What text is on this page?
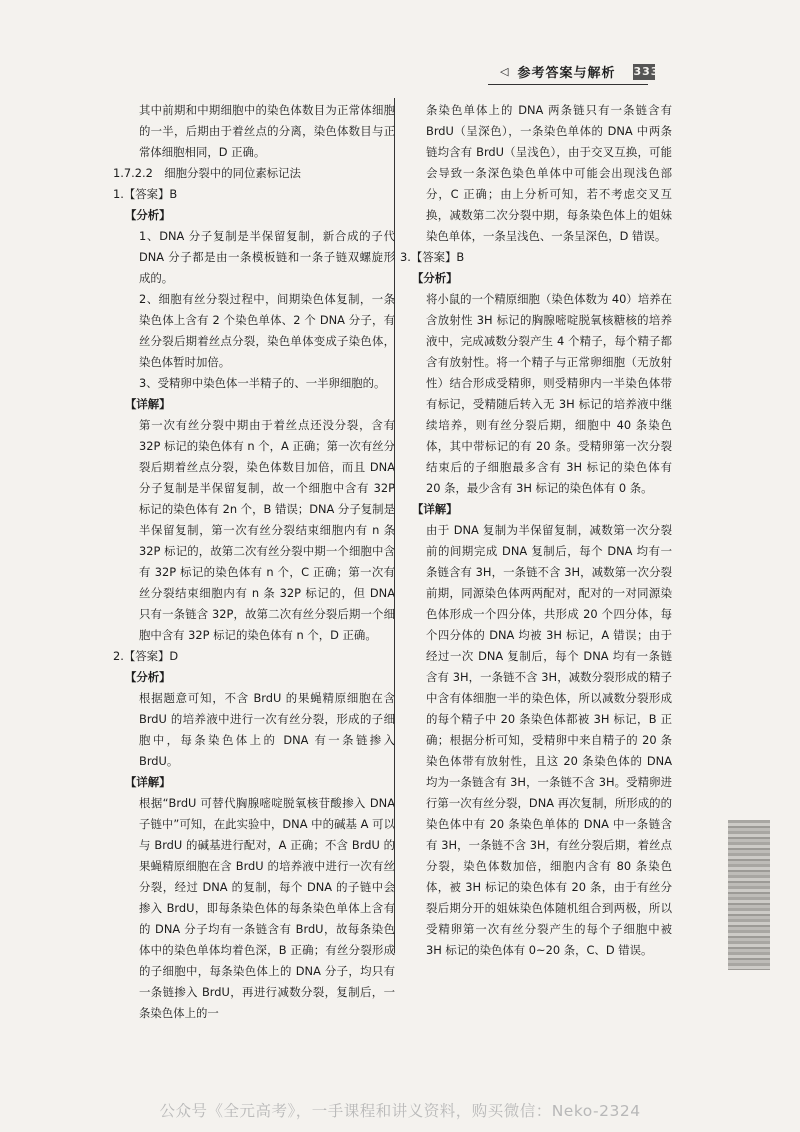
◁ 参考答案与解析 333

其中前期和中期细胞中的染色体数目为正常体细胞的一半，后期由于着丝点的分离，染色体数目与正常体细胞相同，D 正确。

1.7.2.2　细胞分裂中的同位素标记法

1.【答案】B

【分析】

1、DNA 分子复制是半保留复制，新合成的子代 DNA 分子都是由一条模板链和一条子链双螺旋形成的。

2、细胞有丝分裂过程中，间期染色体复制，一条染色体上含有 2 个染色单体、2 个 DNA 分子，有丝分裂后期着丝点分裂，染色单体变成子染色体，染色体暂时加倍。

3、受精卵中染色体一半精子的、一半卵细胞的。

【详解】

第一次有丝分裂中期由于着丝点还没分裂，含有 32P 标记的染色体有 n 个，A 正确；第一次有丝分裂后期着丝点分裂，染色体数目加倍，而且 DNA 分子复制是半保留复制，故一个细胞中含有 32P 标记的染色体有 2n 个，B 错误；DNA 分子复制是半保留复制，第一次有丝分裂结束细胞内有 n 条 32P 标记的，故第二次有丝分裂中期一个细胞中含有 32P 标记的染色体有 n 个，C 正确；第一次有丝分裂结束细胞内有 n 条 32P 标记的，但 DNA 只有一条链含 32P，故第二次有丝分裂后期一个细胞中含有 32P 标记的染色体有 n 个，D 正确。

2.【答案】D

【分析】

根据题意可知，不含 BrdU 的果蝇精原细胞在含 BrdU 的培养液中进行一次有丝分裂，形成的子细胞中，每条染色体上的 DNA 有一条链掺入 BrdU。

【详解】

根据“BrdU 可替代胸腺嘧啶脱氧核苷酸掺入 DNA 子链中”可知，在此实验中，DNA 中的碱基 A 可以与 BrdU 的碱基进行配对，A 正确；不含 BrdU 的果蝇精原细胞在含 BrdU 的培养液中进行一次有丝分裂，经过 DNA 的复制，每个 DNA 的子链中会掺入 BrdU，即每条染色体的每条染色单体上含有的 DNA 分子均有一条链含有 BrdU，故每条染色体中的染色单体均着色深，B 正确；有丝分裂形成的子细胞中，每条染色体上的 DNA 分子，均只有一条链掺入 BrdU，再进行减数分裂，复制后，一条染色体上的一

条染色单体上的 DNA 两条链只有一条链含有 BrdU（呈深色），一条染色单体的 DNA 中两条链均含有 BrdU（呈浅色），由于交叉互换，可能会导致一条深色染色单体中可能会出现浅色部分，C 正确；由上分析可知，若不考虑交叉互换，减数第二次分裂中期，每条染色体上的姐妹染色单体，一条呈浅色、一条呈深色，D 错误。

3.【答案】B

【分析】

将小鼠的一个精原细胞（染色体数为 40）培养在含放射性 3H 标记的胸腺嘧啶脱氧核糖核的培养液中，完成减数分裂产生 4 个精子，每个精子都含有放射性。将一个精子与正常卵细胞（无放射性）结合形成受精卵，则受精卵内一半染色体带有标记，受精随后转入无 3H 标记的培养液中继续培养，则有丝分裂后期，细胞中 40 条染色体，其中带标记的有 20 条。受精卵第一次分裂结束后的子细胞最多含有 3H 标记的染色体有 20 条，最少含有 3H 标记的染色体有 0 条。

【详解】

由于 DNA 复制为半保留复制，减数第一次分裂前的间期完成 DNA 复制后，每个 DNA 均有一条链含有 3H，一条链不含 3H，减数第一次分裂前期，同源染色体两两配对，配对的一对同源染色体形成一个四分体，共形成 20 个四分体，每个四分体的 DNA 均被 3H 标记，A 错误；由于经过一次 DNA 复制后，每个 DNA 均有一条链含有 3H，一条链不含 3H，减数分裂形成的精子中含有体细胞一半的染色体，所以减数分裂形成的每个精子中 20 条染色体都被 3H 标记，B 正确；根据分析可知，受精卵中来自精子的 20 条染色体带有放射性，且这 20 条染色体的 DNA 均为一条链含有 3H，一条链不含 3H。受精卵进行第一次有丝分裂，DNA 再次复制，所形成的的染色体中有 20 条染色单体的 DNA 中一条链含有 3H，一条链不含 3H，有丝分裂后期，着丝点分裂，染色体数加倍，细胞内含有 80 条染色体，被 3H 标记的染色体有 20 条，由于有丝分裂后期分开的姐妹染色体随机组合到两极，所以受精卵第一次有丝分裂产生的每个子细胞中被 3H 标记的染色体有 0~20 条，C、D 错误。

公众号《全元高考》，一手课程和讲义资料，购买微信：Neko-2324
